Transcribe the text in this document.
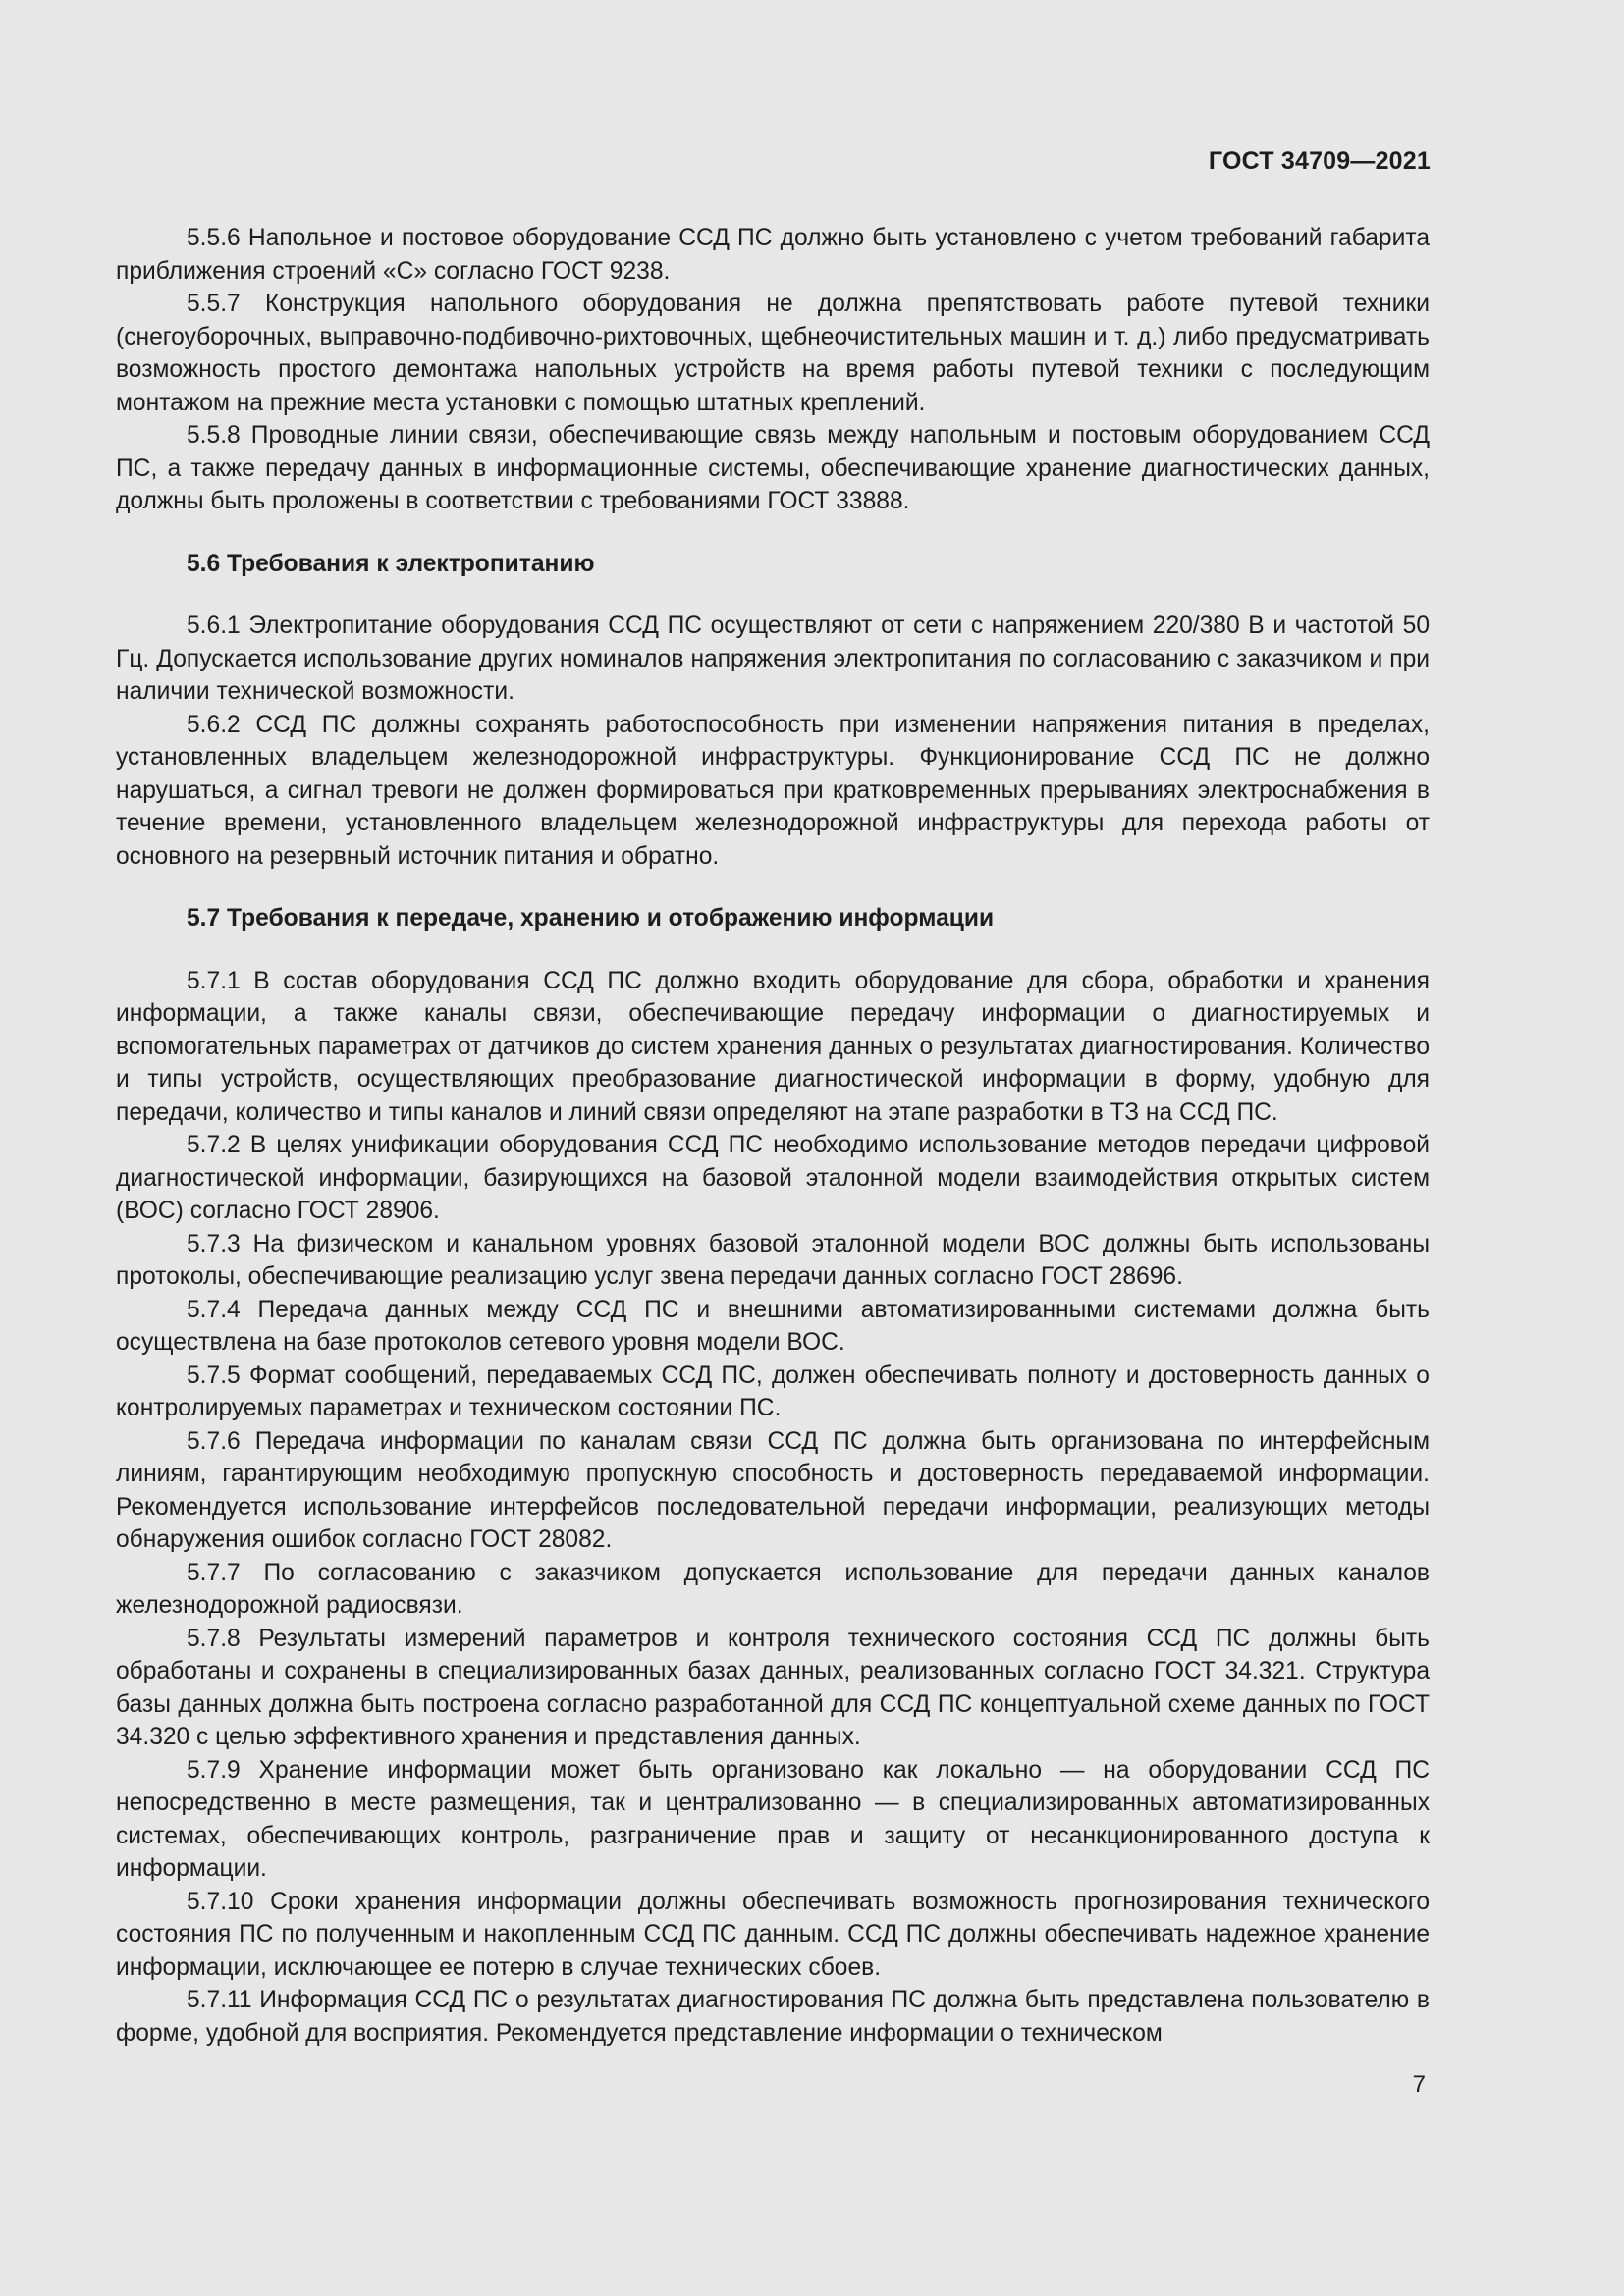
ГОСТ 34709—2021

5.5.6 Напольное и постовое оборудование ССД ПС должно быть установлено с учетом требований габарита приближения строений «С» согласно ГОСТ 9238.

5.5.7 Конструкция напольного оборудования не должна препятствовать работе путевой техники (снегоуборочных, выправочно-подбивочно-рихтовочных, щебнеочистительных машин и т. д.) либо предусматривать возможность простого демонтажа напольных устройств на время работы путевой техники с последующим монтажом на прежние места установки с помощью штатных креплений.

5.5.8 Проводные линии связи, обеспечивающие связь между напольным и постовым оборудованием ССД ПС, а также передачу данных в информационные системы, обеспечивающие хранение диагностических данных, должны быть проложены в соответствии с требованиями ГОСТ 33888.

5.6 Требования к электропитанию

5.6.1 Электропитание оборудования ССД ПС осуществляют от сети с напряжением 220/380 В и частотой 50 Гц. Допускается использование других номиналов напряжения электропитания по согласованию с заказчиком и при наличии технической возможности.

5.6.2 ССД ПС должны сохранять работоспособность при изменении напряжения питания в пределах, установленных владельцем железнодорожной инфраструктуры. Функционирование ССД ПС не должно нарушаться, а сигнал тревоги не должен формироваться при кратковременных прерываниях электроснабжения в течение времени, установленного владельцем железнодорожной инфраструктуры для перехода работы от основного на резервный источник питания и обратно.

5.7 Требования к передаче, хранению и отображению информации

5.7.1 В состав оборудования ССД ПС должно входить оборудование для сбора, обработки и хранения информации, а также каналы связи, обеспечивающие передачу информации о диагностируемых и вспомогательных параметрах от датчиков до систем хранения данных о результатах диагностирования. Количество и типы устройств, осуществляющих преобразование диагностической информации в форму, удобную для передачи, количество и типы каналов и линий связи определяют на этапе разработки в ТЗ на ССД ПС.

5.7.2 В целях унификации оборудования ССД ПС необходимо использование методов передачи цифровой диагностической информации, базирующихся на базовой эталонной модели взаимодействия открытых систем (ВОС) согласно ГОСТ 28906.

5.7.3 На физическом и канальном уровнях базовой эталонной модели ВОС должны быть использованы протоколы, обеспечивающие реализацию услуг звена передачи данных согласно ГОСТ 28696.

5.7.4 Передача данных между ССД ПС и внешними автоматизированными системами должна быть осуществлена на базе протоколов сетевого уровня модели ВОС.

5.7.5 Формат сообщений, передаваемых ССД ПС, должен обеспечивать полноту и достоверность данных о контролируемых параметрах и техническом состоянии ПС.

5.7.6 Передача информации по каналам связи ССД ПС должна быть организована по интерфейсным линиям, гарантирующим необходимую пропускную способность и достоверность передаваемой информации. Рекомендуется использование интерфейсов последовательной передачи информации, реализующих методы обнаружения ошибок согласно ГОСТ 28082.

5.7.7 По согласованию с заказчиком допускается использование для передачи данных каналов железнодорожной радиосвязи.

5.7.8 Результаты измерений параметров и контроля технического состояния ССД ПС должны быть обработаны и сохранены в специализированных базах данных, реализованных согласно ГОСТ 34.321. Структура базы данных должна быть построена согласно разработанной для ССД ПС концептуальной схеме данных по ГОСТ 34.320 с целью эффективного хранения и представления данных.

5.7.9 Хранение информации может быть организовано как локально — на оборудовании ССД ПС непосредственно в месте размещения, так и централизованно — в специализированных автоматизированных системах, обеспечивающих контроль, разграничение прав и защиту от несанкционированного доступа к информации.

5.7.10 Сроки хранения информации должны обеспечивать возможность прогнозирования технического состояния ПС по полученным и накопленным ССД ПС данным. ССД ПС должны обеспечивать надежное хранение информации, исключающее ее потерю в случае технических сбоев.

5.7.11 Информация ССД ПС о результатах диагностирования ПС должна быть представлена пользователю в форме, удобной для восприятия. Рекомендуется представление информации о техническом

7
